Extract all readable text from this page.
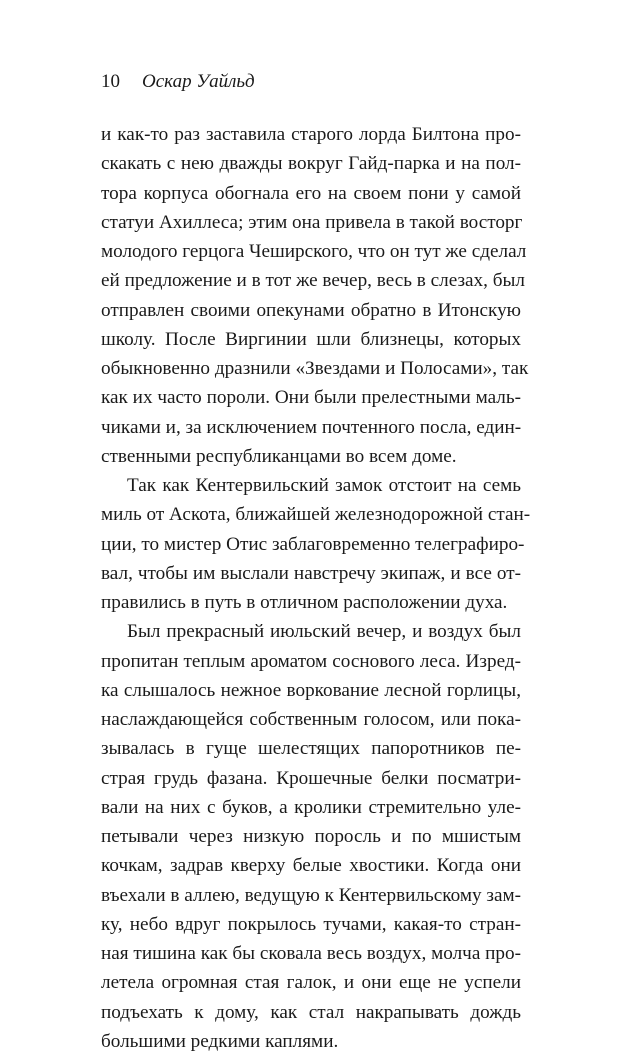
10 Оскар Уайльд
и как-то раз заставила старого лорда Билтона про-
скакать с нею дважды вокруг Гайд-парка и на пол-
тора корпуса обогнала его на своем пони у самой
статуи Ахиллеса; этим она привела в такой восторг
молодого герцога Чеширского, что он тут же сделал
ей предложение и в тот же вечер, весь в слезах, был
отправлен своими опекунами обратно в Итонскую
школу. После Виргинии шли близнецы, которых
обыкновенно дразнили «Звездами и Полосами», так
как их часто пороли. Они были прелестными маль-
чиками и, за исключением почтенного посла, един-
ственными республиканцами во всем доме.
Так как Кентервильский замок отстоит на семь
миль от Аскота, ближайшей железнодорожной стан-
ции, то мистер Отис заблаговременно телеграфиро-
вал, чтобы им выслали навстречу экипаж, и все от-
правились в путь в отличном расположении духа.
Был прекрасный июльский вечер, и воздух был
пропитан теплым ароматом соснового леса. Изред-
ка слышалось нежное воркование лесной горлицы,
наслаждающейся собственным голосом, или пока-
зывалась в гуще шелестящих папоротников пе-
страя грудь фазана. Крошечные белки посматри-
вали на них с буков, а кролики стремительно уле-
петывали через низкую поросль и по мшистым
кочкам, задрав кверху белые хвостики. Когда они
въехали в аллею, ведущую к Кентервильскому зам-
ку, небо вдруг покрылось тучами, какая-то стран-
ная тишина как бы сковала весь воздух, молча про-
летела огромная стая галок, и они еще не успели
подъехать к дому, как стал накрапывать дождь
большими редкими каплями.
